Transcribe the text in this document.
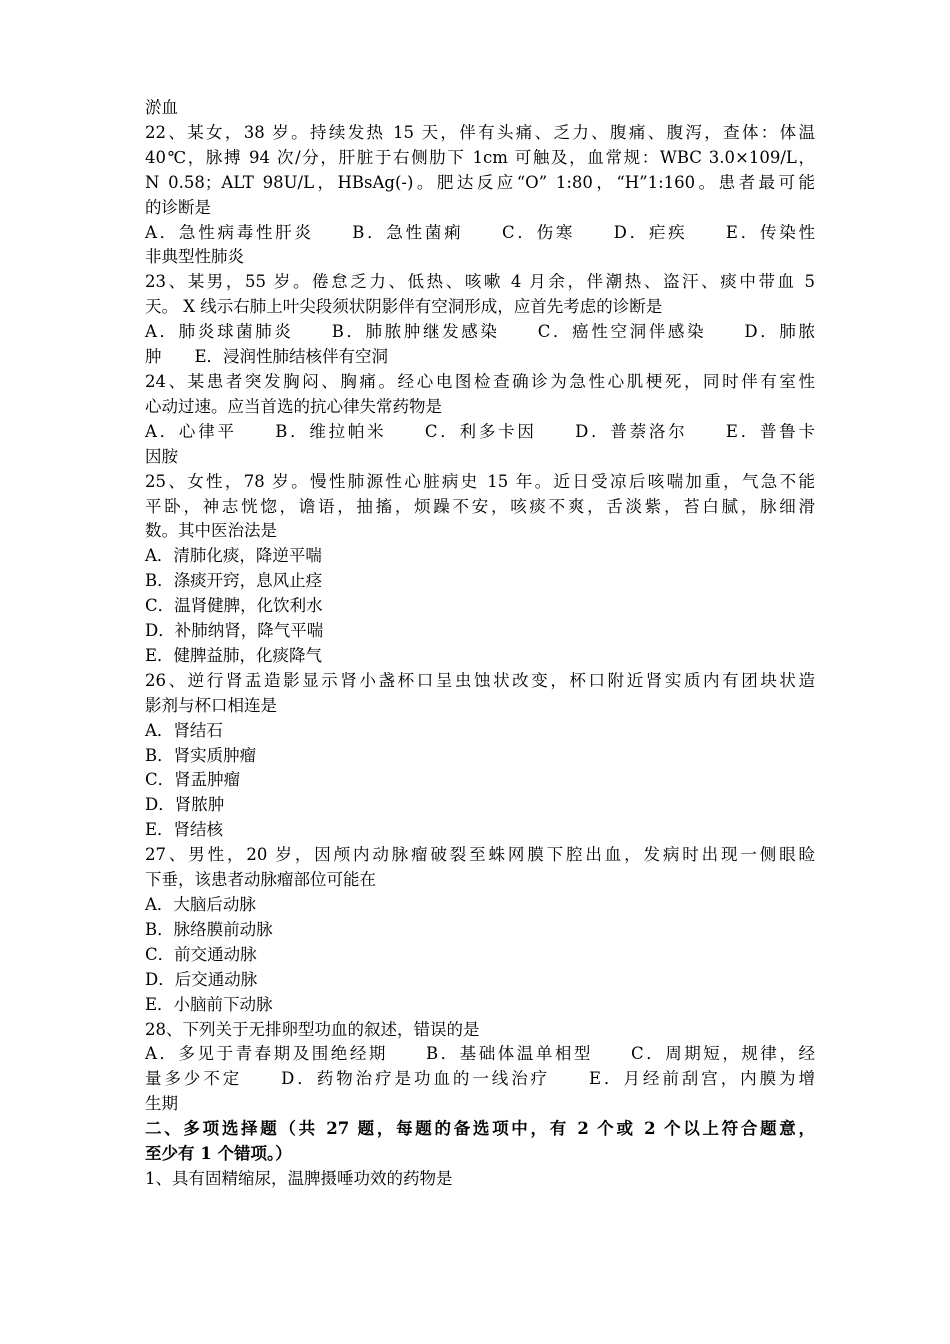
淤血
22、某女，38 岁。持续发热 15 天，伴有头痛、乏力、腹痛、腹泻，查体：体温
40℃，脉搏 94 次/分，肝脏于右侧肋下 1cm 可触及，血常规：WBC 3.0×109/L，
N 0.58；ALT 98U/L，HBsAg(-)。肥达反应“O” 1:80，“H”1:160。患者最可能
的诊断是
A．急性病毒性肝炎　　B．急性菌痢　　C．伤寒　　D．疟疾　　E．传染性
非典型性肺炎
23、某男，55 岁。倦怠乏力、低热、咳嗽 4 月余，伴潮热、盗汗、痰中带血 5
天。 X 线示右肺上叶尖段须状阴影伴有空洞形成，应首先考虑的诊断是
A．肺炎球菌肺炎　　B．肺脓肿继发感染　　C．癌性空洞伴感染　　D．肺脓
肿　　E．浸润性肺结核伴有空洞
24、某患者突发胸闷、胸痛。经心电图检查确诊为急性心肌梗死，同时伴有室性
心动过速。应当首选的抗心律失常药物是
A．心律平　　B．维拉帕米　　C．利多卡因　　D．普萘洛尔　　E．普鲁卡
因胺
25、女性，78 岁。慢性肺源性心脏病史 15 年。近日受凉后咳喘加重，气急不能
平卧，神志恍惚，谵语，抽搐，烦躁不安，咳痰不爽，舌淡紫，苔白腻，脉细滑
数。其中医治法是
A．清肺化痰，降逆平喘
B．涤痰开窍，息风止痉
C．温肾健脾，化饮利水
D．补肺纳肾，降气平喘
E．健脾益肺，化痰降气
26、逆行肾盂造影显示肾小盏杯口呈虫蚀状改变，杯口附近肾实质内有团块状造
影剂与杯口相连是
A．肾结石
B．肾实质肿瘤
C．肾盂肿瘤
D．肾脓肿
E．肾结核
27、男性，20 岁，因颅内动脉瘤破裂至蛛网膜下腔出血，发病时出现一侧眼睑
下垂，该患者动脉瘤部位可能在
A．大脑后动脉
B．脉络膜前动脉
C．前交通动脉
D．后交通动脉
E．小脑前下动脉
28、下列关于无排卵型功血的叙述，错误的是
A．多见于青春期及围绝经期　　B．基础体温单相型　　C．周期短，规律，经
量多少不定　　D．药物治疗是功血的一线治疗　　E．月经前刮宫，内膜为增
生期
二、多项选择题（共 27 题，每题的备选项中，有 2 个或 2 个以上符合题意，
至少有 1 个错项。）
1、具有固精缩尿，温脾摄唾功效的药物是
